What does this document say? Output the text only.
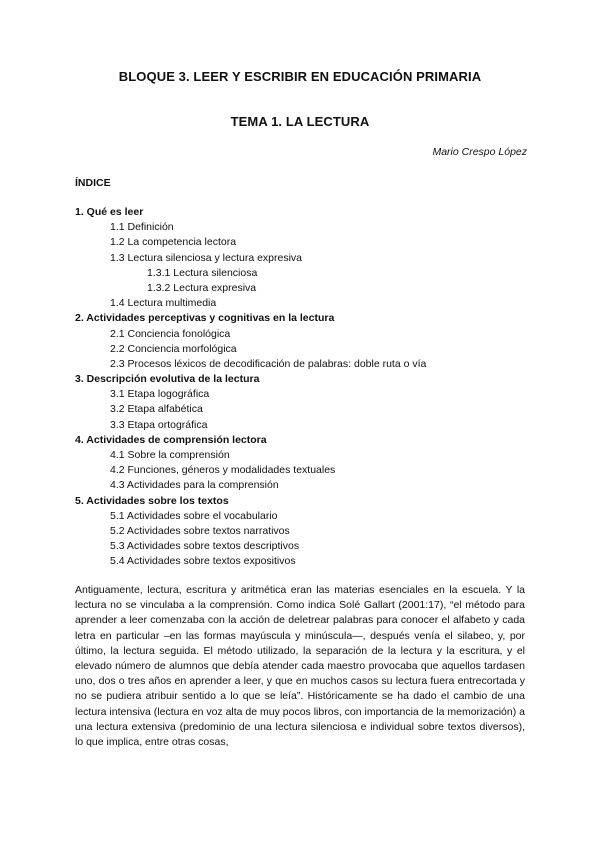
BLOQUE 3. LEER Y ESCRIBIR EN EDUCACIÓN PRIMARIA
TEMA 1. LA LECTURA
Mario Crespo López
ÍNDICE
1. Qué es leer
1.1 Definición
1.2 La competencia lectora
1.3 Lectura silenciosa y lectura expresiva
1.3.1 Lectura silenciosa
1.3.2 Lectura expresiva
1.4 Lectura multimedia
2. Actividades perceptivas y cognitivas en la lectura
2.1 Conciencia fonológica
2.2 Conciencia morfológica
2.3 Procesos léxicos de decodificación de palabras: doble ruta o vía
3. Descripción evolutiva de la lectura
3.1 Etapa logográfica
3.2 Etapa alfabética
3.3 Etapa ortográfica
4. Actividades de comprensión lectora
4.1 Sobre la comprensión
4.2 Funciones, géneros y modalidades textuales
4.3 Actividades para la comprensión
5. Actividades sobre los textos
5.1 Actividades sobre el vocabulario
5.2 Actividades sobre textos narrativos
5.3 Actividades sobre textos descriptivos
5.4 Actividades sobre textos expositivos

Antiguamente, lectura, escritura y aritmética eran las materias esenciales en la escuela. Y la lectura no se vinculaba a la comprensión. Como indica Solé Gallart (2001:17), “el método para aprender a leer comenzaba con la acción de deletrear palabras para conocer el alfabeto y cada letra en particular –en las formas mayúscula y minúscula—, después venía el silabeo, y, por último, la lectura seguida. El método utilizado, la separación de la lectura y la escritura, y el elevado número de alumnos que debía atender cada maestro provocaba que aquellos tardasen uno, dos o tres años en aprender a leer, y que en muchos casos su lectura fuera entrecortada y no se pudiera atribuir sentido a lo que se leía”. Históricamente se ha dado el cambio de una lectura intensiva (lectura en voz alta de muy pocos libros, con importancia de la memorización) a una lectura extensiva (predominio de una lectura silenciosa e individual sobre textos diversos), lo que implica, entre otras cosas,
